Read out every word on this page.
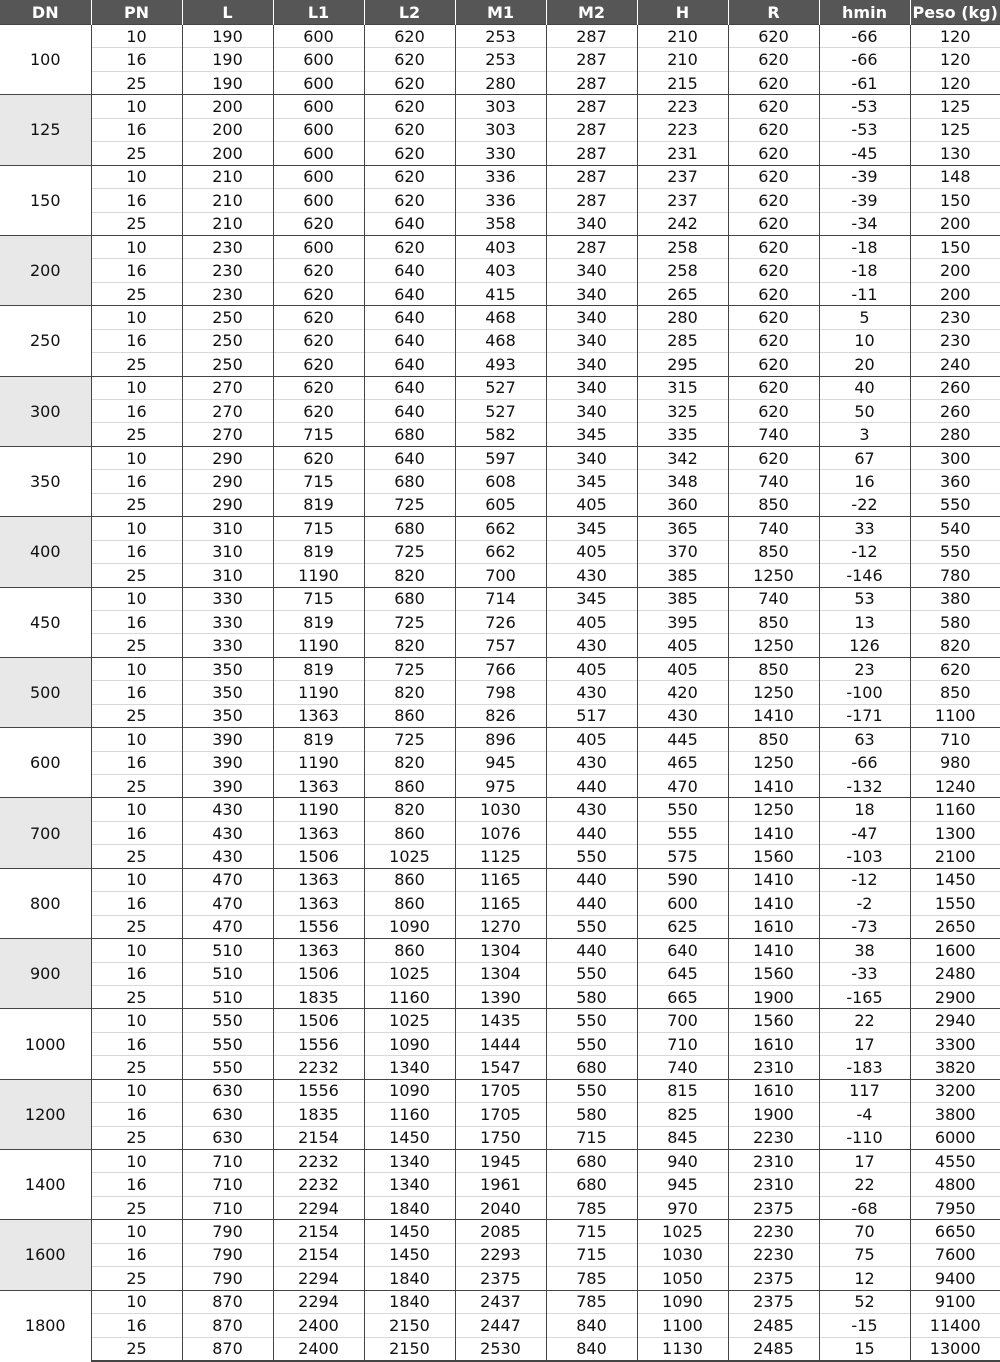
DN	PN	L	L1	L2	M1	M2	H	R	hmin	Peso (kg)
100	10	190	600	620	253	287	210	620	-66	120
	16	190	600	620	253	287	210	620	-66	120
	25	190	600	620	280	287	215	620	-61	120
125	10	200	600	620	303	287	223	620	-53	125
	16	200	600	620	303	287	223	620	-53	125
	25	200	600	620	330	287	231	620	-45	130
150	10	210	600	620	336	287	237	620	-39	148
	16	210	600	620	336	287	237	620	-39	150
	25	210	620	640	358	340	242	620	-34	200
200	10	230	600	620	403	287	258	620	-18	150
	16	230	620	640	403	340	258	620	-18	200
	25	230	620	640	415	340	265	620	-11	200
250	10	250	620	640	468	340	280	620	5	230
	16	250	620	640	468	340	285	620	10	230
	25	250	620	640	493	340	295	620	20	240
300	10	270	620	640	527	340	315	620	40	260
	16	270	620	640	527	340	325	620	50	260
	25	270	715	680	582	345	335	740	3	280
350	10	290	620	640	597	340	342	620	67	300
	16	290	715	680	608	345	348	740	16	360
	25	290	819	725	605	405	360	850	-22	550
400	10	310	715	680	662	345	365	740	33	540
	16	310	819	725	662	405	370	850	-12	550
	25	310	1190	820	700	430	385	1250	-146	780
450	10	330	715	680	714	345	385	740	53	380
	16	330	819	725	726	405	395	850	13	580
	25	330	1190	820	757	430	405	1250	126	820
500	10	350	819	725	766	405	405	850	23	620
	16	350	1190	820	798	430	420	1250	-100	850
	25	350	1363	860	826	517	430	1410	-171	1100
600	10	390	819	725	896	405	445	850	63	710
	16	390	1190	820	945	430	465	1250	-66	980
	25	390	1363	860	975	440	470	1410	-132	1240
700	10	430	1190	820	1030	430	550	1250	18	1160
	16	430	1363	860	1076	440	555	1410	-47	1300
	25	430	1506	1025	1125	550	575	1560	-103	2100
800	10	470	1363	860	1165	440	590	1410	-12	1450
	16	470	1363	860	1165	440	600	1410	-2	1550
	25	470	1556	1090	1270	550	625	1610	-73	2650
900	10	510	1363	860	1304	440	640	1410	38	1600
	16	510	1506	1025	1304	550	645	1560	-33	2480
	25	510	1835	1160	1390	580	665	1900	-165	2900
1000	10	550	1506	1025	1435	550	700	1560	22	2940
	16	550	1556	1090	1444	550	710	1610	17	3300
	25	550	2232	1340	1547	680	740	2310	-183	3820
1200	10	630	1556	1090	1705	550	815	1610	117	3200
	16	630	1835	1160	1705	580	825	1900	-4	3800
	25	630	2154	1450	1750	715	845	2230	-110	6000
1400	10	710	2232	1340	1945	680	940	2310	17	4550
	16	710	2232	1340	1961	680	945	2310	22	4800
	25	710	2294	1840	2040	785	970	2375	-68	7950
1600	10	790	2154	1450	2085	715	1025	2230	70	6650
	16	790	2154	1450	2293	715	1030	2230	75	7600
	25	790	2294	1840	2375	785	1050	2375	12	9400
1800	10	870	2294	1840	2437	785	1090	2375	52	9100
	16	870	2400	2150	2447	840	1100	2485	-15	11400
	25	870	2400	2150	2530	840	1130	2485	15	13000
